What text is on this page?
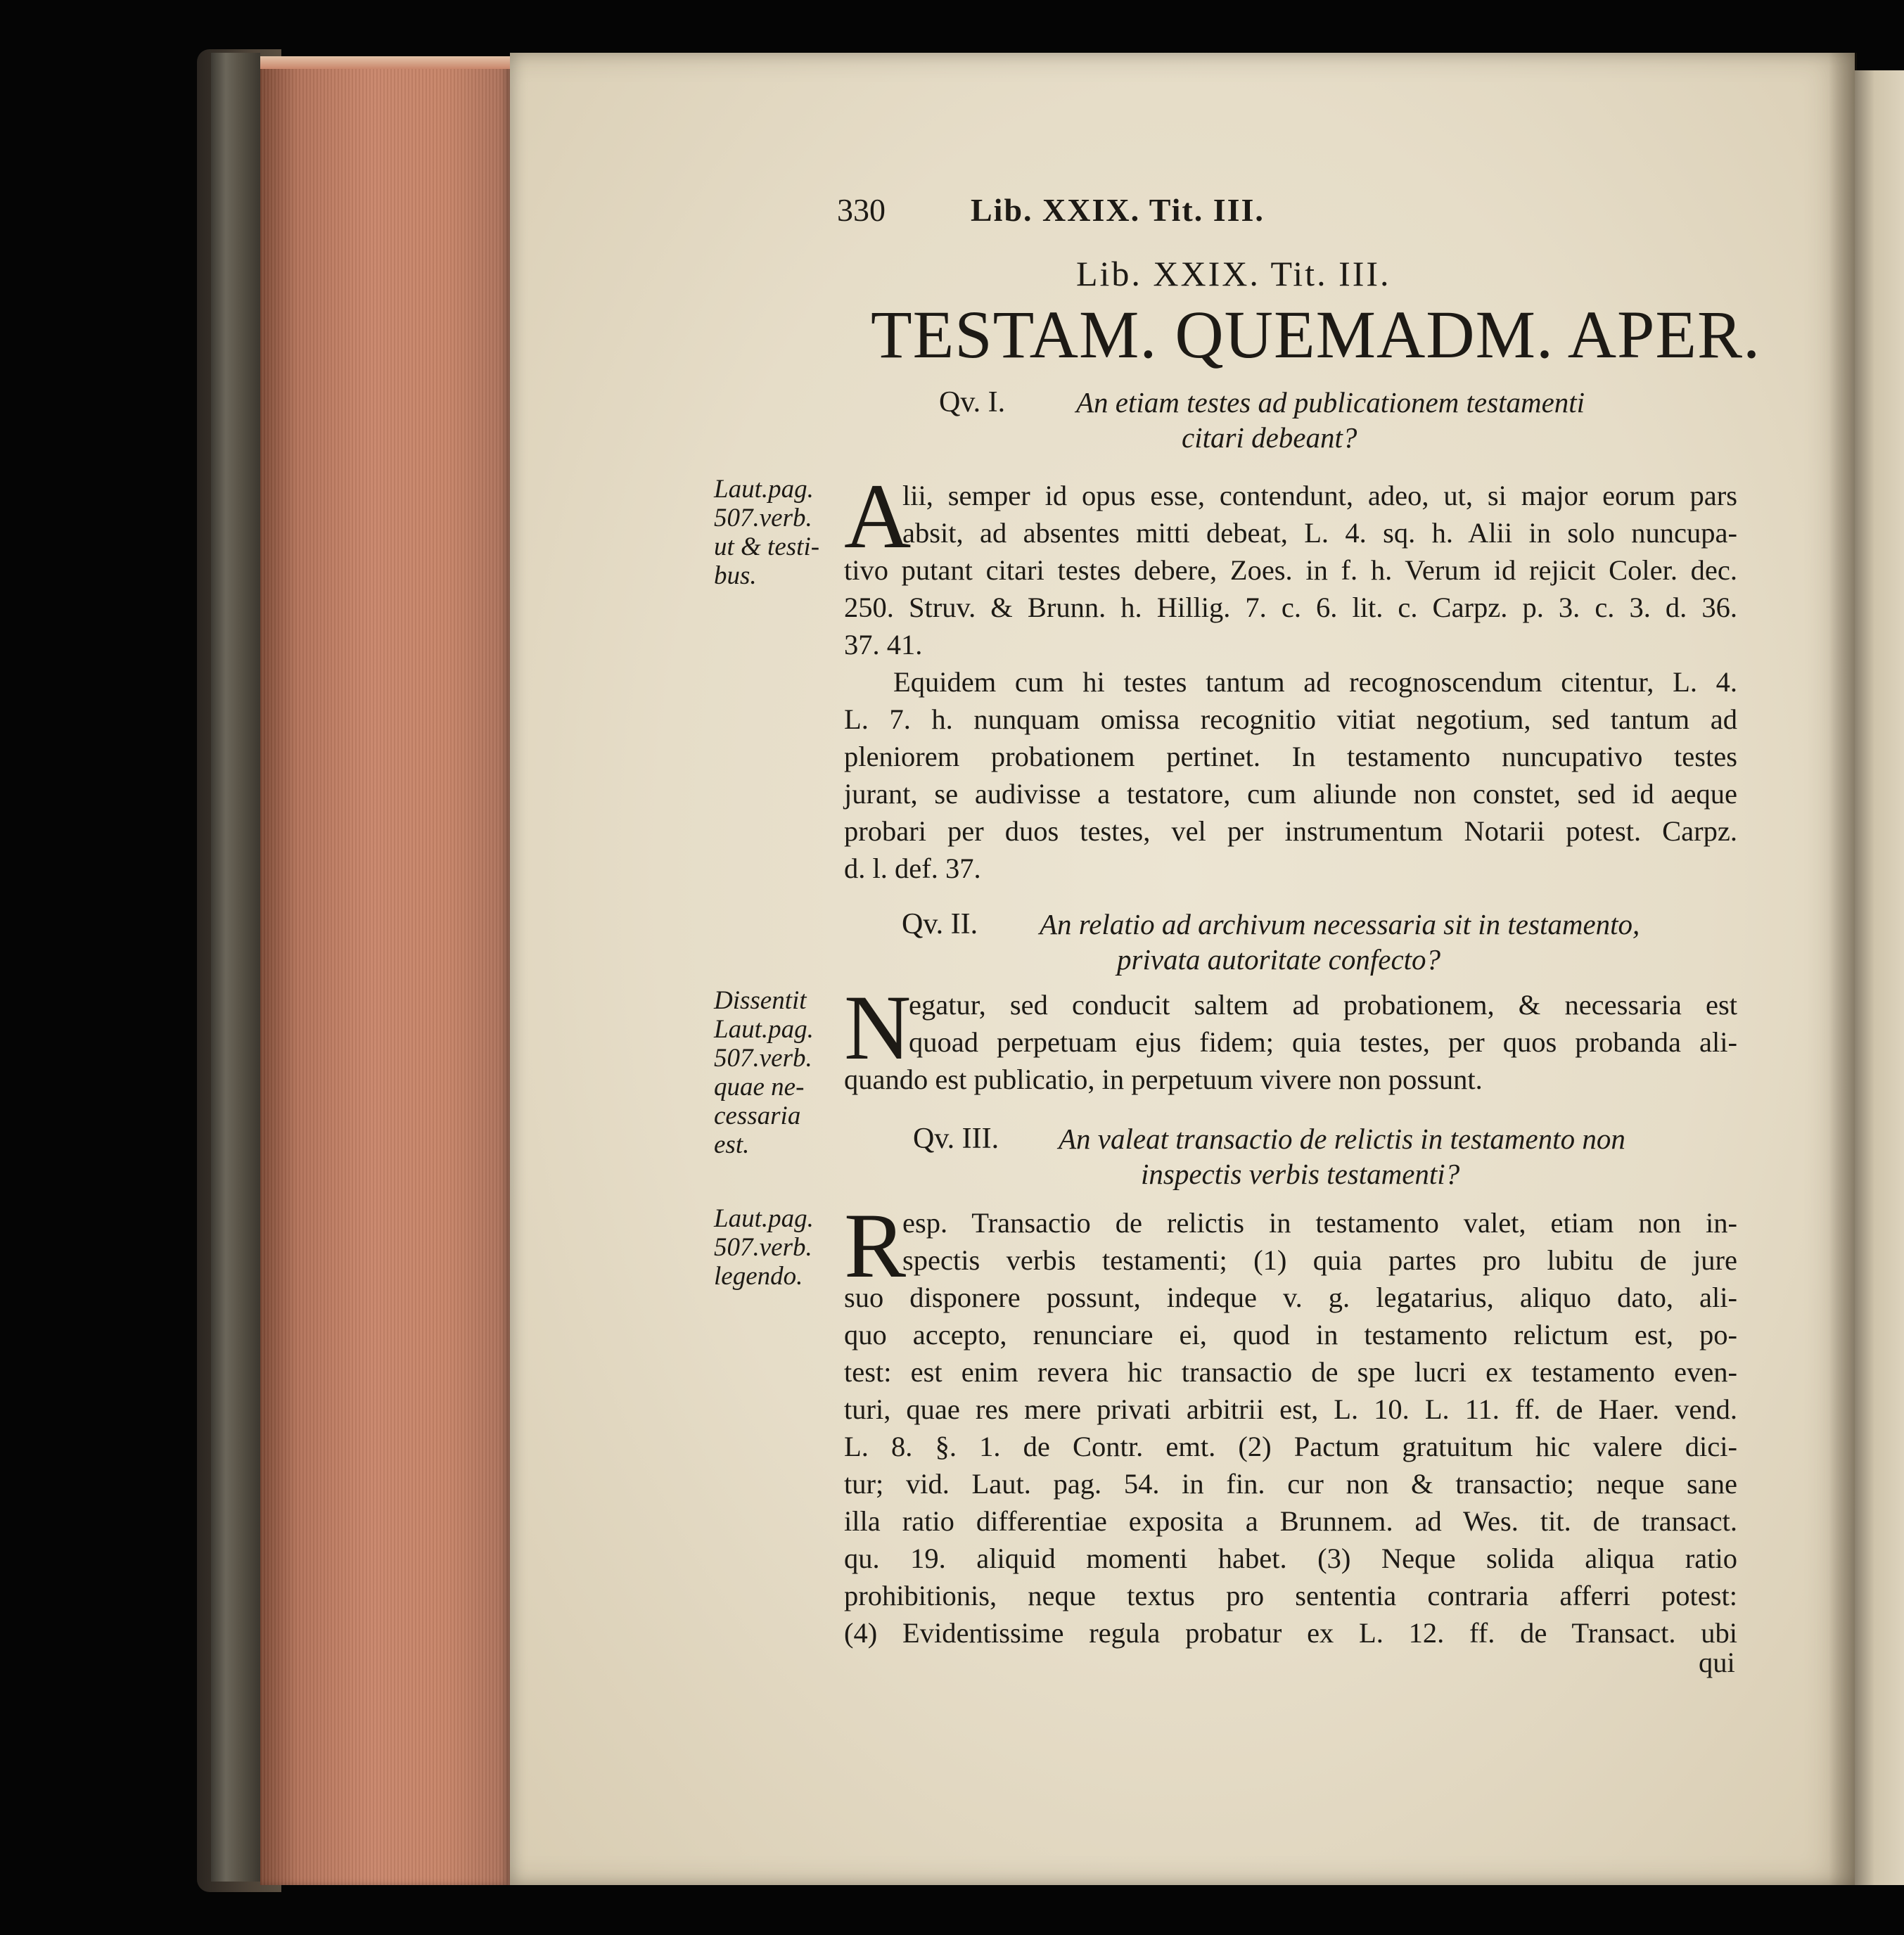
330	Lib. XXIX. Tit. III.
Lib. XXIX. Tit. III.
TESTAM. QUEMADM. APER.
Qv. I. An etiam testes ad publicationem testamenti
citari debeant?
Laut.pag.
507.verb.
ut & testi-
bus.
A
lii, semper id opus esse, contendunt, adeo, ut, si major eorum pars
absit, ad absentes mitti debeat, L. 4. sq. h. Alii in solo nuncupa-
tivo putant citari testes debere, Zoes. in f. h. Verum id rejicit Coler. dec.
250. Struv. & Brunn. h. Hillig. 7. c. 6. lit. c. Carpz. p. 3. c. 3. d. 36.
37. 41.
Equidem cum hi testes tantum ad recognoscendum citentur, L. 4.
L. 7. h. nunquam omissa recognitio vitiat negotium, sed tantum ad
pleniorem probationem pertinet. In testamento nuncupativo testes
jurant, se audivisse a testatore, cum aliunde non constet, sed id aeque
probari per duos testes, vel per instrumentum Notarii potest. Carpz.
d. l. def. 37.
Qv. II. An relatio ad archivum necessaria sit in testamento,
privata autoritate confecto?
Dissentit
Laut.pag.
507.verb.
quae ne-
cessaria
est.
N
egatur, sed conducit saltem ad probationem, & necessaria est
quoad perpetuam ejus fidem; quia testes, per quos probanda ali-
quando est publicatio, in perpetuum vivere non possunt.
Qv. III. An valeat transactio de relictis in testamento non
inspectis verbis testamenti?
Laut.pag.
507.verb.
legendo. R
esp. Transactio de relictis in testamento valet, etiam non in-
spectis verbis testamenti; (1) quia partes pro lubitu de jure
suo disponere possunt, indeque v. g. legatarius, aliquo dato, ali-
quo accepto, renunciare ei, quod in testamento relictum est, po-
test: est enim revera hic transactio de spe lucri ex testamento even-
turi, quae res mere privati arbitrii est, L. 10. L. 11. ff. de Haer. vend.
L. 8. §. 1. de Contr. emt. (2) Pactum gratuitum hic valere dici-
tur; vid. Laut. pag. 54. in fin. cur non & transactio; neque sane
illa ratio differentiae exposita a Brunnem. ad Wes. tit. de transact.
qu. 19. aliquid momenti habet. (3) Neque solida aliqua ratio
prohibitionis, neque textus pro sententia contraria afferri potest:
(4) Evidentissime regula probatur ex L. 12. ff. de Transact. ubi
qui
